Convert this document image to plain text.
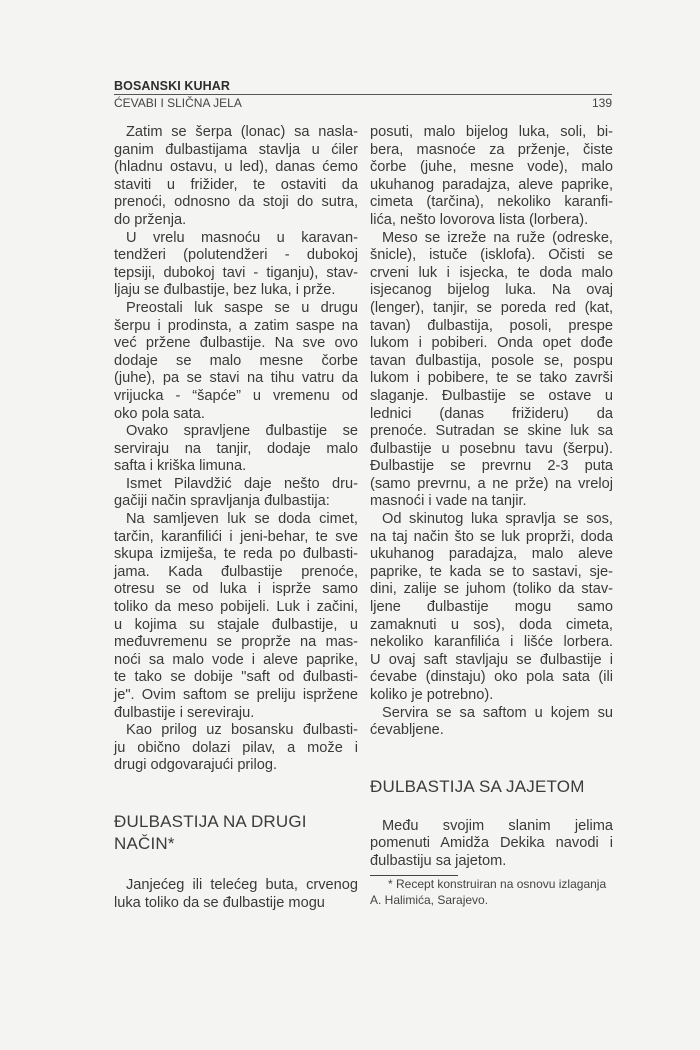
BOSANSKI KUHAR
ĆEVABI I SLIČNA JELA	139
Zatim se šerpa (lonac) sa nasla-
ganim đulbastijama stavlja u ćiler
(hladnu ostavu, u led), danas ćemo
staviti u frižider, te ostaviti da
prenoći, odnosno da stoji do sutra,
do prženja.
U vrelu masnoću u karavan-
tendžeri (polutendžeri - dubokoj
tepsiji, dubokoj tavi - tiganju), stav-
ljaju se đulbastije, bez luka, i prže.
Preostali luk saspe se u drugu
šerpu i prodinsta, a zatim saspe na
već pržene đulbastije. Na sve ovo
dodaje se malo mesne čorbe
(juhe), pa se stavi na tihu vatru da
vrijucka - “šapće” u vremenu od
oko pola sata.
Ovako spravljene đulbastije se
serviraju na tanjir, dodaje malo
safta i kriška limuna.
Ismet Pilavdžić daje nešto dru-
gačiji način spravljanja đulbastija:
Na samljeven luk se doda cimet,
tarčin, karanfilići i jeni-behar, te sve
skupa izmiješa, te reda po đulbasti-
jama. Kada đulbastije prenoće,
otresu se od luka i isprže samo
toliko da meso pobijeli. Luk i začini,
u kojima su stajale đulbastije, u
međuvremenu se propržе na mas-
noći sa malo vode i aleve paprike,
te tako se dobije "saft od đulbasti-
je". Ovim saftom se preliju isprženе
đulbastije i sereviraju.
Kao prilog uz bosansku đulbasti-
ju obično dolazi pilav, a može i
drugi odgovarajući prilog.
ĐULBASTIJA NA DRUGI
NAČIN*
Janjećeg ili telećeg buta, crvenog
luka toliko da se đulbastije mogu
posuti, malo bijelog luka, soli, bi-
bera, masnoće za prženje, čiste
čorbe (juhe, mesne vode), malo
ukuhanog paradajza, aleve paprike,
cimeta (tarčina), nekoliko karanfi-
lića, nešto lovorova lista (lorbera).
Meso se izreže na ruže (odreske,
šnicle), istuče (isklofa). Očisti se
crveni luk i isjecka, te doda malo
isjecanog bijelog luka. Na ovaj
(lenger), tanjir, se poreda red (kat,
tavan) đulbastija, posoli, prespe
lukom i pobiberi. Onda opet dođe
tavan đulbastija, posole se, pospu
lukom i pobibere, te se tako završi
slaganje. Đulbastije se ostave u
lednici (danas frižideru) da
prenoće. Sutradan se skine luk sa
đulbastije u posebnu tavu (šerpu).
Đulbastije se prevrnu 2-3 puta
(samo prevrnu, a ne prže) na vreloj
masnoći i vade na tanjir.
Od skinutog luka spravlja se sos,
na taj način što se luk propržі, doda
ukuhanog paradajza, malo aleve
paprike, te kada se to sastavi, sje-
dini, zalije se juhom (toliko da stav-
ljene đulbastije mogu samo
zamaknuti u sos), doda cimeta,
nekoliko karanfilića i lišće lorbera.
U ovaj saft stavljaju se đulbastije i
ćevabe (dinstaju) oko pola sata (ili
koliko je potrebno).
Servira se sa saftom u kojem su
ćevabljene.
ĐULBASTIJA SA JAJETOM
Među svojim slanim jelima
pomenuti Amidža Dekika navodi i
đulbastiju sa jajetom.
* Recept konstruiran na osnovu izlaganja
A. Halimića, Sarajevo.
